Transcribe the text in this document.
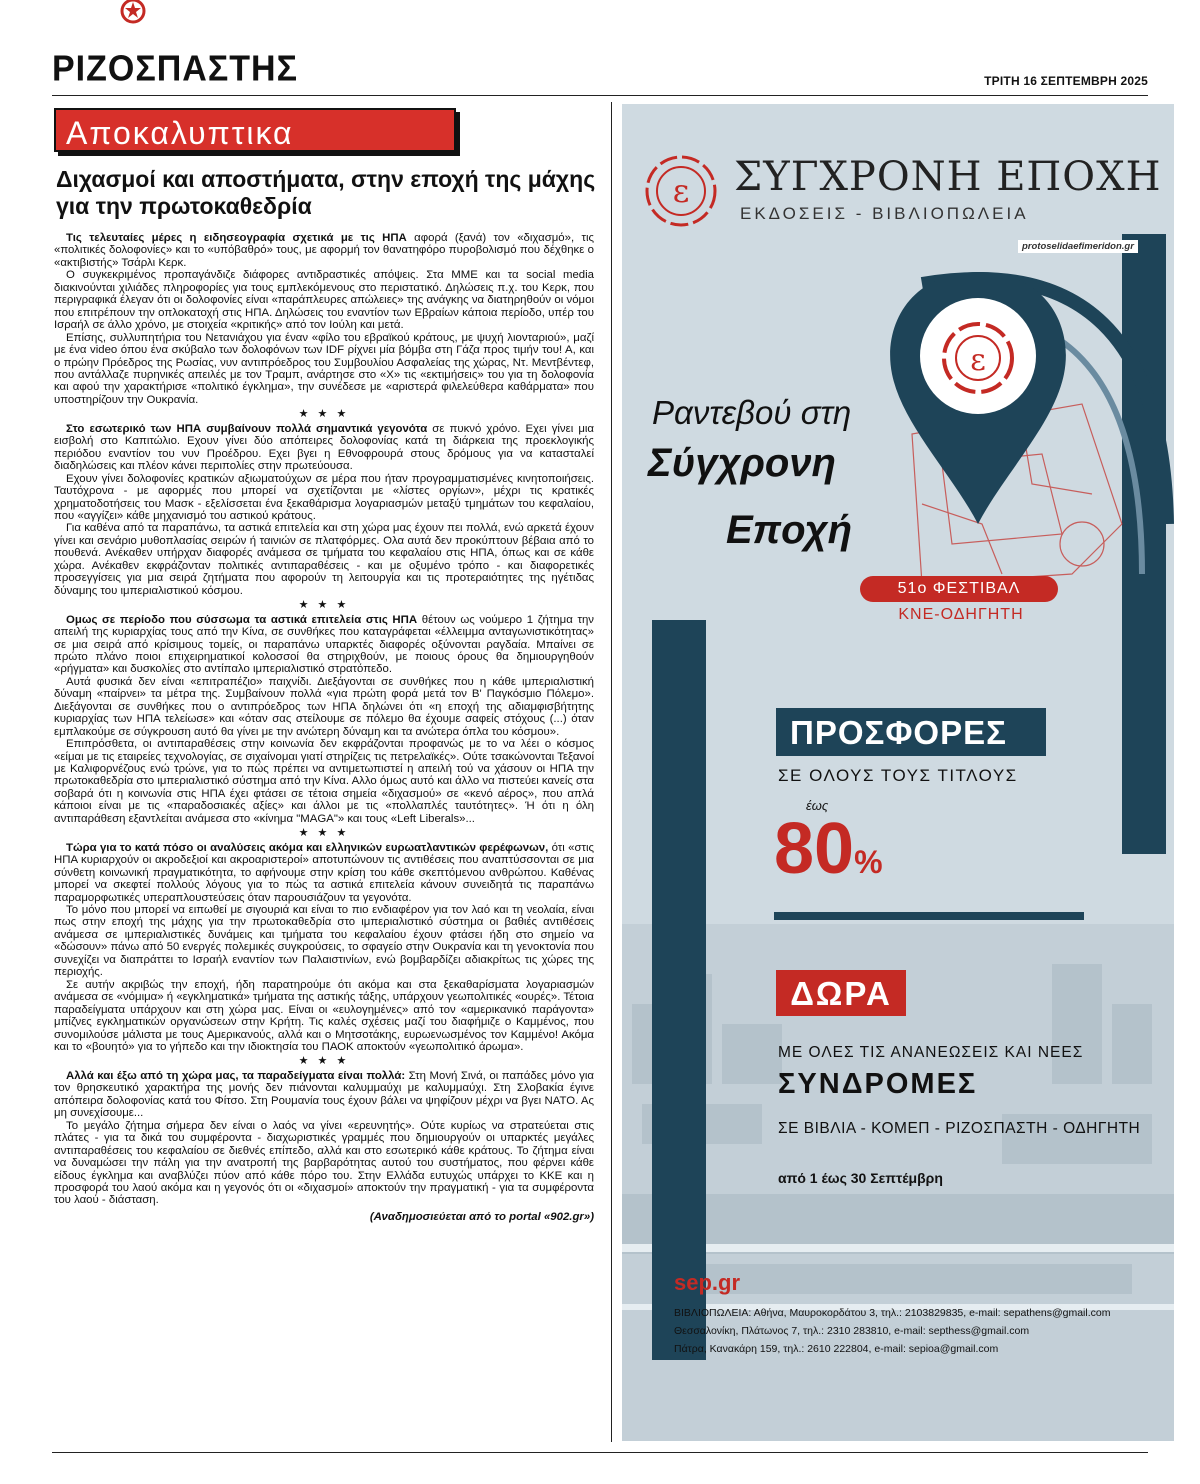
ΡΙΖΟΣΠΑΣΤΗΣ	ΤΡΙΤΗ 16 ΣΕΠΤΕΜΒΡΗ 2025
Αποκαλυπτικα
Διχασμοί και αποστήματα, στην εποχή της μάχης για την πρωτοκαθεδρία

Τις τελευταίες μέρες η ειδησεογραφία σχετικά με τις ΗΠΑ αφορά (ξανά) τον «διχασμό», τις «πολιτικές δολοφονίες» και το «υπόβαθρό» τους, με αφορμή τον θανατηφόρο πυροβολισμό που δέχθηκε ο «ακτιβιστής» Τσάρλι Κερκ.

Ο συγκεκριμένος προπαγάνδιζε διάφορες αντιδραστικές απόψεις. Στα ΜΜΕ και τα social media διακινούνται χιλιάδες πληροφορίες για τους εμπλεκόμενους στο περιστατικό. Δηλώσεις π.χ. του Κερκ, που περιγραφικά έλεγαν ότι οι δολοφονίες είναι «παράπλευρες απώλειες» της ανάγκης να διατηρηθούν οι νόμοι που επιτρέπουν την οπλοκατοχή στις ΗΠΑ. Δηλώσεις του εναντίον των Εβραίων κάποια περίοδο, υπέρ του Ισραήλ σε άλλο χρόνο, με στοιχεία «κριτικής» από τον Ιούλη και μετά.

Επίσης, συλλυπητήρια του Νετανιάχου για έναν «φίλο του εβραϊκού κράτους, με ψυχή λιονταριού», μαζί με ένα video όπου ένα σκύβαλο των δολοφόνων των IDF ρίχνει μία βόμβα στη Γάζα προς τιμήν του! Α, και ο πρώην Πρόεδρος της Ρωσίας, νυν αντιπρόεδρος του Συμβουλίου Ασφαλείας της χώρας, Ντ. Μεντβέντεφ, που αντάλλαζε πυρηνικές απειλές με τον Τραμπ, ανάρτησε στο «Χ» τις «εκτιμήσεις» του για τη δολοφονία και αφού την χαρακτήρισε «πολιτικό έγκλημα», την συνέδεσε με «αριστερά φιλελεύθερα καθάρματα» που υποστηρίζουν την Ουκρανία.

★ ★ ★

Στο εσωτερικό των ΗΠΑ συμβαίνουν πολλά σημαντικά γεγονότα σε πυκνό χρόνο. Εχει γίνει μια εισβολή στο Καπιτώλιο. Εχουν γίνει δύο απόπειρες δολοφονίας κατά τη διάρκεια της προεκλογικής περιόδου εναντίον του νυν Προέδρου. Εχει βγει η Εθνοφρουρά στους δρόμους για να κατασταλεί διαδηλώσεις και πλέον κάνει περιπολίες στην πρωτεύουσα.

Εχουν γίνει δολοφονίες κρατικών αξιωματούχων σε μέρα που ήταν προγραμματισμένες κινητοποιήσεις. Ταυτόχρονα - με αφορμές που μπορεί να σχετίζονται με «λίστες οργίων», μέχρι τις κρατικές χρηματοδοτήσεις του Μασκ - εξελίσσεται ένα ξεκαθάρισμα λογαριασμών μεταξύ τμημάτων του κεφαλαίου, που «αγγίζει» κάθε μηχανισμό του αστικού κράτους.

Για καθένα από τα παραπάνω, τα αστικά επιτελεία και στη χώρα μας έχουν πει πολλά, ενώ αρκετά έχουν γίνει και σενάριο μυθοπλασίας σειρών ή ταινιών σε πλατφόρμες. Ολα αυτά δεν προκύπτουν βέβαια από το πουθενά. Ανέκαθεν υπήρχαν διαφορές ανάμεσα σε τμήματα του κεφαλαίου στις ΗΠΑ, όπως και σε κάθε χώρα. Ανέκαθεν εκφράζονταν πολιτικές αντιπαραθέσεις - και με οξυμένο τρόπο - και διαφορετικές προσεγγίσεις για μια σειρά ζητήματα που αφορούν τη λειτουργία και τις προτεραιότητες της ηγέτιδας δύναμης του ιμπεριαλιστικού κόσμου.

★ ★ ★

Ομως σε περίοδο που σύσσωμα τα αστικά επιτελεία στις ΗΠΑ θέτουν ως νούμερο 1 ζήτημα την απειλή της κυριαρχίας τους από την Κίνα, σε συνθήκες που καταγράφεται «έλλειμμα ανταγωνιστικότητας» σε μια σειρά από κρίσιμους τομείς, οι παραπάνω υπαρκτές διαφορές οξύνονται ραγδαία. Μπαίνει σε πρώτο πλάνο ποιοι επιχειρηματικοί κολοσσοί θα στηριχθούν, με ποιους όρους θα δημιουργηθούν «ρήγματα» και δυσκολίες στο αντίπαλο ιμπεριαλιστικό στρατόπεδο.

Αυτά φυσικά δεν είναι «επιτραπέζιο» παιχνίδι. Διεξάγονται σε συνθήκες που η κάθε ιμπεριαλιστική δύναμη «παίρνει» τα μέτρα της. Συμβαίνουν πολλά «για πρώτη φορά μετά τον Β' Παγκόσμιο Πόλεμο». Διεξάγονται σε συνθήκες που ο αντιπρόεδρος των ΗΠΑ δηλώνει ότι «η εποχή της αδιαμφισβήτητης κυριαρχίας των ΗΠΑ τελείωσε» και «όταν σας στείλουμε σε πόλεμο θα έχουμε σαφείς στόχους (...) όταν εμπλακούμε σε σύγκρουση αυτό θα γίνει με την ανώτερη δύναμη και τα ανώτερα όπλα του κόσμου».

Επιπρόσθετα, οι αντιπαραθέσεις στην κοινωνία δεν εκφράζονται προφανώς με το να λέει ο κόσμος «είμαι με τις εταιρείες τεχνολογίας, σε σιχαίνομαι γιατί στηρίζεις τις πετρελαϊκές». Ούτε τσακώνονται Τεξανοί με Καλιφορνέζους ενώ τρώνε, για το πώς πρέπει να αντιμετωπιστεί η απειλή τού να χάσουν οι ΗΠΑ την πρωτοκαθεδρία στο ιμπεριαλιστικό σύστημα από την Κίνα. Αλλο όμως αυτό και άλλο να πιστεύει κανείς στα σοβαρά ότι η κοινωνία στις ΗΠΑ έχει φτάσει σε τέτοια σημεία «διχασμού» σε «κενό αέρος», που απλά κάποιοι είναι με τις «παραδοσιακές αξίες» και άλλοι με τις «πολλαπλές ταυτότητες». Ή ότι η όλη αντιπαράθεση εξαντλείται ανάμεσα στο «κίνημα "MAGA"» και τους «Left Liberals»...

★ ★ ★

Τώρα για το κατά πόσο οι αναλύσεις ακόμα και ελληνικών ευρωατλαντικών φερέφωνων, ότι «στις ΗΠΑ κυριαρχούν οι ακροδεξιοί και ακροαριστεροί» αποτυπώνουν τις αντιθέσεις που αναπτύσσονται σε μια σύνθετη κοινωνική πραγματικότητα, το αφήνουμε στην κρίση του κάθε σκεπτόμενου ανθρώπου. Καθένας μπορεί να σκεφτεί πολλούς λόγους για το πώς τα αστικά επιτελεία κάνουν συνειδητά τις παραπάνω παραμορφωτικές υπεραπλουστεύσεις όταν παρουσιάζουν τα γεγονότα.

Το μόνο που μπορεί να ειπωθεί με σιγουριά και είναι το πιο ενδιαφέρον για τον λαό και τη νεολαία, είναι πως στην εποχή της μάχης για την πρωτοκαθεδρία στο ιμπεριαλιστικό σύστημα οι βαθιές αντιθέσεις ανάμεσα σε ιμπεριαλιστικές δυνάμεις και τμήματα του κεφαλαίου έχουν φτάσει ήδη στο σημείο να «δώσουν» πάνω από 50 ενεργές πολεμικές συγκρούσεις, το σφαγείο στην Ουκρανία και τη γενοκτονία που συνεχίζει να διαπράττει το Ισραήλ εναντίον των Παλαιστινίων, ενώ βομβαρδίζει αδιακρίτως τις χώρες της περιοχής.

Σε αυτήν ακριβώς την εποχή, ήδη παρατηρούμε ότι ακόμα και στα ξεκαθαρίσματα λογαριασμών ανάμεσα σε «νόμιμα» ή «εγκληματικά» τμήματα της αστικής τάξης, υπάρχουν γεωπολιτικές «ουρές». Τέτοια παραδείγματα υπάρχουν και στη χώρα μας. Είναι οι «ευλογημένες» από τον «αμερικανικό παράγοντα» μπίζνες εγκληματικών οργανώσεων στην Κρήτη. Τις καλές σχέσεις μαζί του διαφήμιζε ο Καμμένος, που συνομιλούσε μάλιστα με τους Αμερικανούς, αλλά και ο Μητσοτάκης, ευρωενωσμένος τον Καμμένο! Ακόμα και το «βουητό» για το γήπεδο και την ιδιοκτησία του ΠΑΟΚ αποκτούν «γεωπολιτικό άρωμα».

★ ★ ★

Αλλά και έξω από τη χώρα μας, τα παραδείγματα είναι πολλά: Στη Μονή Σινά, οι παπάδες μόνο για τον θρησκευτικό χαρακτήρα της μονής δεν πιάνονται καλυμμαύχι με καλυμμαύχι. Στη Σλοβακία έγινε απόπειρα δολοφονίας κατά του Φίτσο. Στη Ρουμανία τους έχουν βάλει να ψηφίζουν μέχρι να βγει ΝΑΤΟ. Ας μη συνεχίσουμε...

Το μεγάλο ζήτημα σήμερα δεν είναι ο λαός να γίνει «ερευνητής». Ούτε κυρίως να στρατεύεται στις πλάτες - για τα δικά του συμφέροντα - διαχωριστικές γραμμές που δημιουργούν οι υπαρκτές μεγάλες αντιπαραθέσεις του κεφαλαίου σε διεθνές επίπεδο, αλλά και στο εσωτερικό κάθε κράτους. Το ζήτημα είναι να δυναμώσει την πάλη για την ανατροπή της βαρβαρότητας αυτού του συστήματος, που φέρνει κάθε είδους έγκλημα και αναβλύζει πύον από κάθε πόρο του. Στην Ελλάδα ευτυχώς υπάρχει το ΚΚΕ και η προσφορά του λαού ακόμα και η γεγονός ότι οι «διχασμοί» αποκτούν την πραγματική - για τα συμφέροντα του λαού - διάσταση.

(Αναδημοσιεύεται από το portal «902.gr»)
ε
ε
ΣΥΓΧΡΟΝΗ ΕΠΟΧΗ
ΕΚΔΟΣΕΙΣ - ΒΙΒΛΙΟΠΩΛΕΙΑ
protoselidaefimeridon.gr
Ραντεβού στη
Σύγχρονη
Εποχή
51ο ΦΕΣΤΙΒΑΛ
ΚΝΕ-ΟΔΗΓΗΤΗ
ΠΡΟΣΦΟΡΕΣ
ΣΕ ΟΛΟΥΣ ΤΟΥΣ ΤΙΤΛΟΥΣ
έως
80%
ΔΩΡΑ
ΜΕ ΟΛΕΣ ΤΙΣ ΑΝΑΝΕΩΣΕΙΣ ΚΑΙ ΝΕΕΣ
ΣΥΝΔΡΟΜΕΣ
ΣΕ ΒΙΒΛΙΑ - ΚΟΜΕΠ - ΡΙΖΟΣΠΑΣΤΗ - ΟΔΗΓΗΤΗ
από 1 έως 30 Σεπτέμβρη
sep.gr
ΒΙΒΛΙΟΠΩΛΕΙΑ: Αθήνα, Μαυροκορδάτου 3, τηλ.: 2103829835, e-mail: sepathens@gmail.com
Θεσσαλονίκη, Πλάτωνος 7, τηλ.: 2310 283810, e-mail: septhess@gmail.com
Πάτρα, Κανακάρη 159, τηλ.: 2610 222804, e-mail: sepioa@gmail.com
